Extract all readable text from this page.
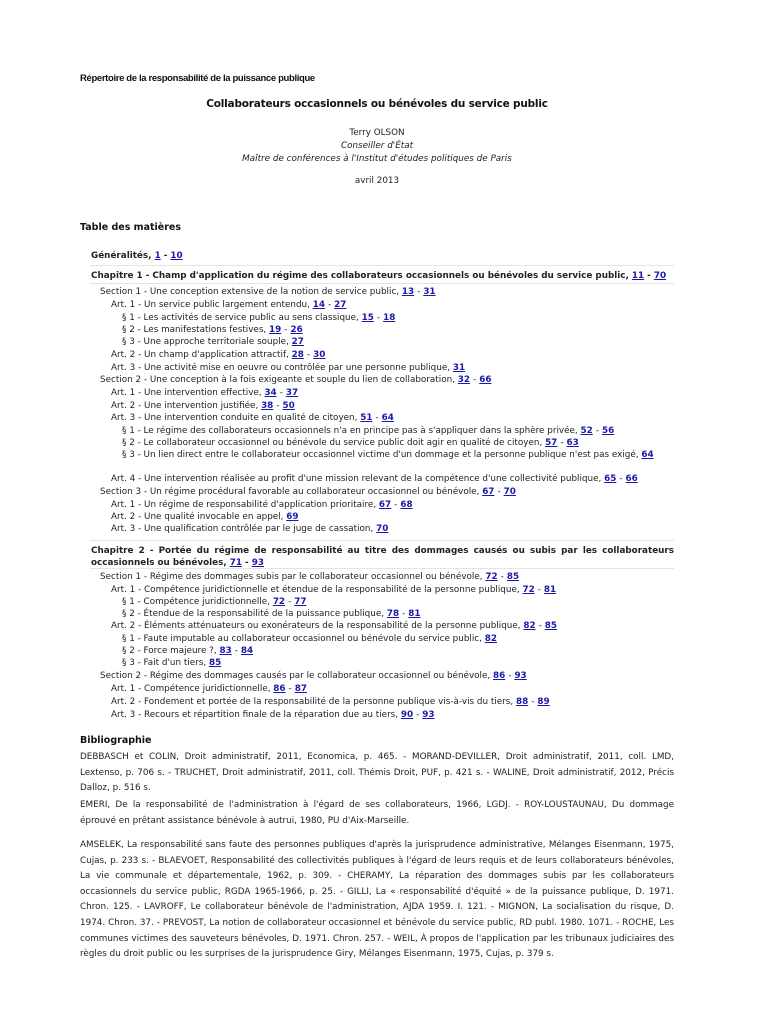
Répertoire de la responsabilité de la puissance publique
Collaborateurs occasionnels ou bénévoles du service public
Terry OLSON
Conseiller d'État
Maître de conférences à l'Institut d'études politiques de Paris
avril 2013
Table des matières
Généralités, 1 - 10
Chapitre 1 - Champ d'application du régime des collaborateurs occasionnels ou bénévoles du service public, 11 - 70
Section 1 - Une conception extensive de la notion de service public, 13 - 31
Art. 1 - Un service public largement entendu, 14 - 27
§ 1 - Les activités de service public au sens classique, 15 - 18
§ 2 - Les manifestations festives, 19 - 26
§ 3 - Une approche territoriale souple, 27
Art. 2 - Un champ d'application attractif, 28 - 30
Art. 3 - Une activité mise en oeuvre ou contrôlée par une personne publique, 31
Section 2 - Une conception à la fois exigeante et souple du lien de collaboration, 32 - 66
Art. 1 - Une intervention effective, 34 - 37
Art. 2 - Une intervention justifiée, 38 - 50
Art. 3 - Une intervention conduite en qualité de citoyen, 51 - 64
§ 1 - Le régime des collaborateurs occasionnels n'a en principe pas à s'appliquer dans la sphère privée, 52 - 56
§ 2 - Le collaborateur occasionnel ou bénévole du service public doit agir en qualité de citoyen, 57 - 63
§ 3 - Un lien direct entre le collaborateur occasionnel victime d'un dommage et la personne publique n'est pas exigé, 64
Art. 4 - Une intervention réalisée au profit d'une mission relevant de la compétence d'une collectivité publique, 65 - 66
Section 3 - Un régime procédural favorable au collaborateur occasionnel ou bénévole, 67 - 70
Art. 1 - Un régime de responsabilité d'application prioritaire, 67 - 68
Art. 2 - Une qualité invocable en appel, 69
Art. 3 - Une qualification contrôlée par le juge de cassation, 70
Chapitre 2 - Portée du régime de responsabilité au titre des dommages causés ou subis par les collaborateurs occasionnels ou bénévoles, 71 - 93
Section 1 - Régime des dommages subis par le collaborateur occasionnel ou bénévole, 72 - 85
Art. 1 - Compétence juridictionnelle et étendue de la responsabilité de la personne publique, 72 - 81
§ 1 - Compétence juridictionnelle, 72 - 77
§ 2 - Étendue de la responsabilité de la puissance publique, 78 - 81
Art. 2 - Éléments atténuateurs ou exonérateurs de la responsabilité de la personne publique, 82 - 85
§ 1 - Faute imputable au collaborateur occasionnel ou bénévole du service public, 82
§ 2 - Force majeure ?, 83 - 84
§ 3 - Fait d'un tiers, 85
Section 2 - Régime des dommages causés par le collaborateur occasionnel ou bénévole, 86 - 93
Art. 1 - Compétence juridictionnelle, 86 - 87
Art. 2 - Fondement et portée de la responsabilité de la personne publique vis-à-vis du tiers, 88 - 89
Art. 3 - Recours et répartition finale de la réparation due au tiers, 90 - 93
Bibliographie

DEBBASCH et COLIN, Droit administratif, 2011, Economica, p. 465. - MORAND-DEVILLER, Droit administratif, 2011, coll. LMD, Lextenso, p. 706 s. - TRUCHET, Droit administratif, 2011, coll. Thémis Droit, PUF, p. 421 s. - WALINE, Droit administratif, 2012, Précis Dalloz, p. 516 s.

EMERI, De la responsabilité de l'administration à l'égard de ses collaborateurs, 1966, LGDJ. - ROY-LOUSTAUNAU, Du dommage éprouvé en prêtant assistance bénévole à autrui, 1980, PU d'Aix-Marseille.

AMSELEK, La responsabilité sans faute des personnes publiques d'après la jurisprudence administrative, Mélanges Eisenmann, 1975, Cujas, p. 233 s. - BLAEVOET, Responsabilité des collectivités publiques à l'égard de leurs requis et de leurs collaborateurs bénévoles, La vie communale et départementale, 1962, p. 309. - CHERAMY, La réparation des dommages subis par les collaborateurs occasionnels du service public, RGDA 1965-1966, p. 25. - GILLI, La « responsabilité d'équité » de la puissance publique, D. 1971. Chron. 125. - LAVROFF, Le collaborateur bénévole de l'administration, AJDA 1959. I. 121. - MIGNON, La socialisation du risque, D. 1974. Chron. 37. - PREVOST, La notion de collaborateur occasionnel et bénévole du service public, RD publ. 1980. 1071. - ROCHE, Les communes victimes des sauveteurs bénévoles, D. 1971. Chron. 257. - WEIL, À propos de l'application par les tribunaux judiciaires des règles du droit public ou les surprises de la jurisprudence Giry, Mélanges Eisenmann, 1975, Cujas, p. 379 s.
